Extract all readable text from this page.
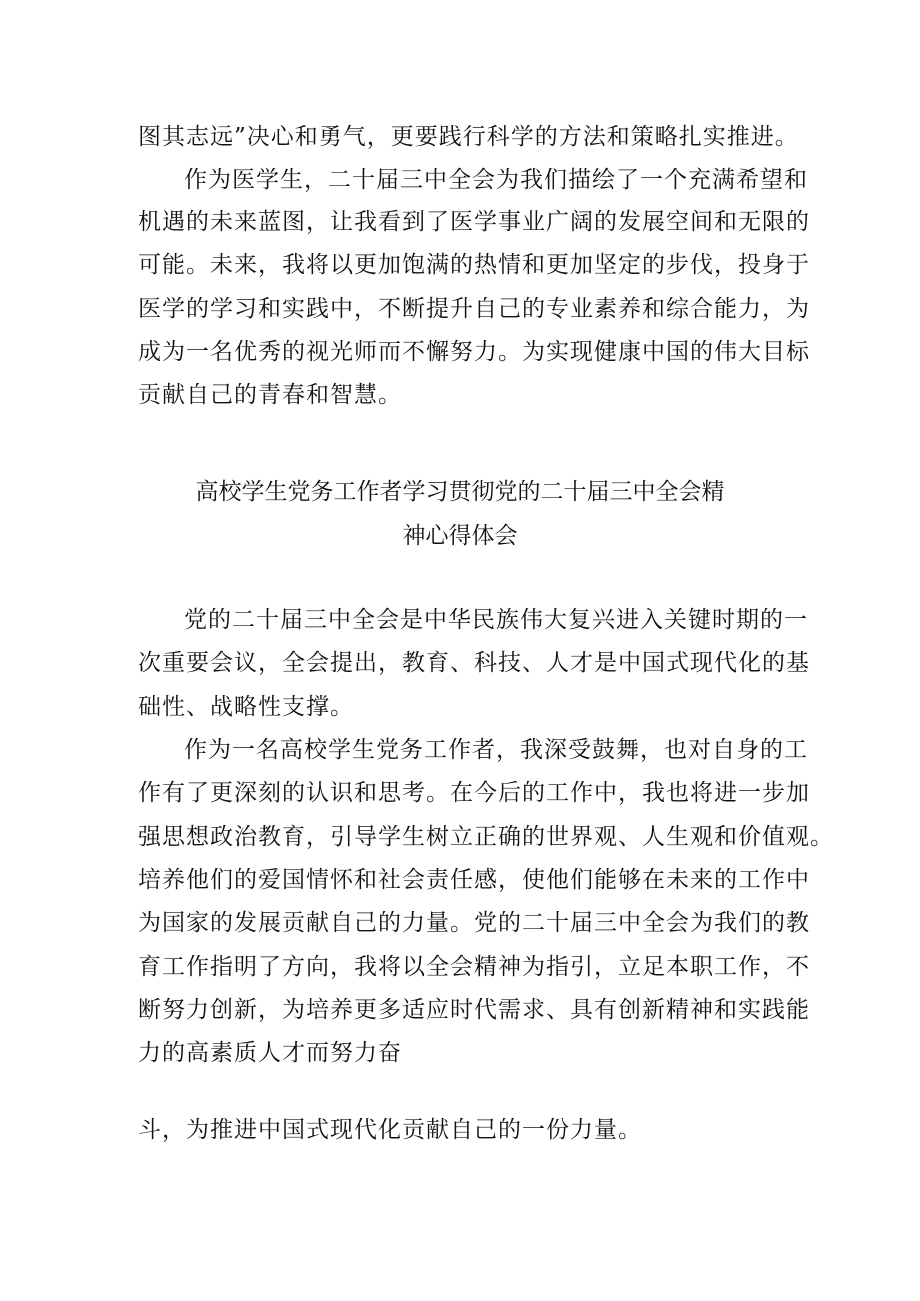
图其志远”决心和勇气，更要践行科学的方法和策略扎实推进。
作为医学生，二十届三中全会为我们描绘了一个充满希望和
机遇的未来蓝图，让我看到了医学事业广阔的发展空间和无限的
可能。未来，我将以更加饱满的热情和更加坚定的步伐，投身于
医学的学习和实践中，不断提升自己的专业素养和综合能力，为
成为一名优秀的视光师而不懈努力。为实现健康中国的伟大目标
贡献自己的青春和智慧。
高校学生党务工作者学习贯彻党的二十届三中全会精
神心得体会
党的二十届三中全会是中华民族伟大复兴进入关键时期的一
次重要会议，全会提出，教育、科技、人才是中国式现代化的基
础性、战略性支撑。
作为一名高校学生党务工作者，我深受鼓舞，也对自身的工
作有了更深刻的认识和思考。在今后的工作中，我也将进一步加
强思想政治教育，引导学生树立正确的世界观、人生观和价值观。
培养他们的爱国情怀和社会责任感，使他们能够在未来的工作中
为国家的发展贡献自己的力量。党的二十届三中全会为我们的教
育工作指明了方向，我将以全会精神为指引，立足本职工作，不
断努力创新，为培养更多适应时代需求、具有创新精神和实践能
力的高素质人才而努力奋
斗，为推进中国式现代化贡献自己的一份力量。
